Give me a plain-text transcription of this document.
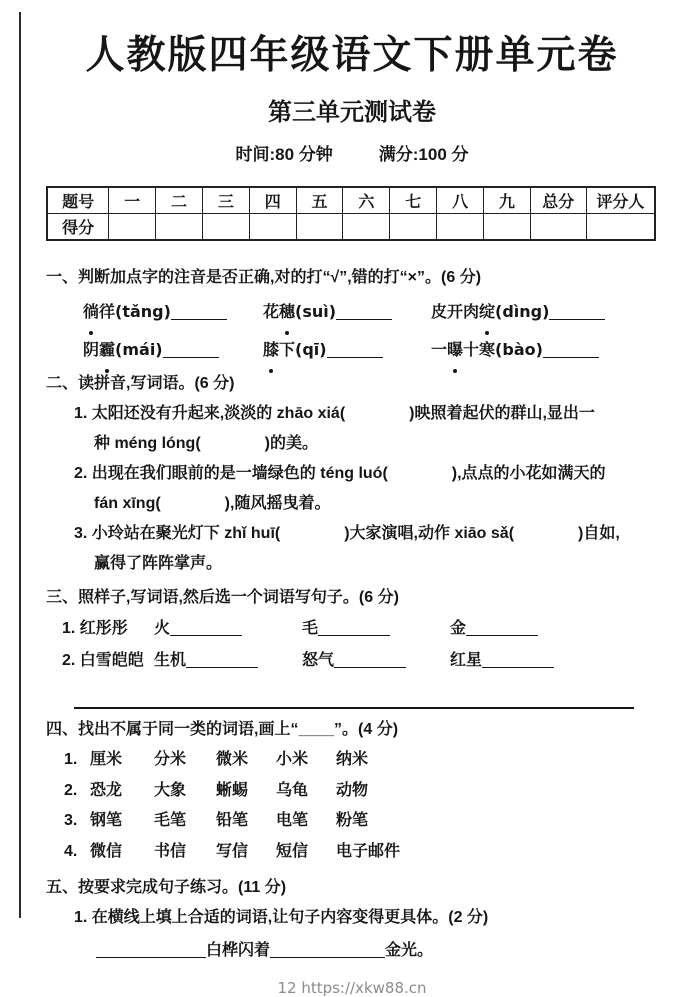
人教版四年级语文下册单元卷
第三单元测试卷
时间:80 分钟	满分:100 分
题号	一	二	三	四	五	六	七	八	九	总分	评分人
得分											
一、判断加点字的注音是否正确,对的打“√”,错的打“×”。(6 分)
徜徉(tǎng)	花穗(suì)	皮开肉绽(dìng)
阴霾(mái)	膝下(qī)	一曝十寒(bào)
二、读拼音,写词语。(6 分)
1. 太阳还没有升起来,淡淡的 zhāo xiá(　　　　)映照着起伏的群山,显出一
种 méng lóng(　　　　)的美。
2. 出现在我们眼前的是一墙绿色的 téng luó(　　　　),点点的小花如满天的
fán xīng(　　　　),随风摇曳着。
3. 小玲站在聚光灯下 zhǐ huī(　　　　)大家演唱,动作 xiāo sǎ(　　　　)自如,
赢得了阵阵掌声。
三、照样子,写词语,然后选一个词语写句子。(6 分)
1. 红彤彤	火	毛	金
2. 白雪皑皑 生机	怒气	红星
四、找出不属于同一类的词语,画上“____”。(4 分)
1. 厘米	分米	微米	小米	纳米
2. 恐龙	大象	蜥蜴	乌龟	动物
3. 钢笔	毛笔	铅笔	电笔	粉笔
4. 微信	书信	写信	短信	电子邮件
五、按要求完成句子练习。(11 分)
1. 在横线上填上合适的词语,让句子内容变得更具体。(2 分)
白桦闪着	金光。
12 https://xkw88.cn
